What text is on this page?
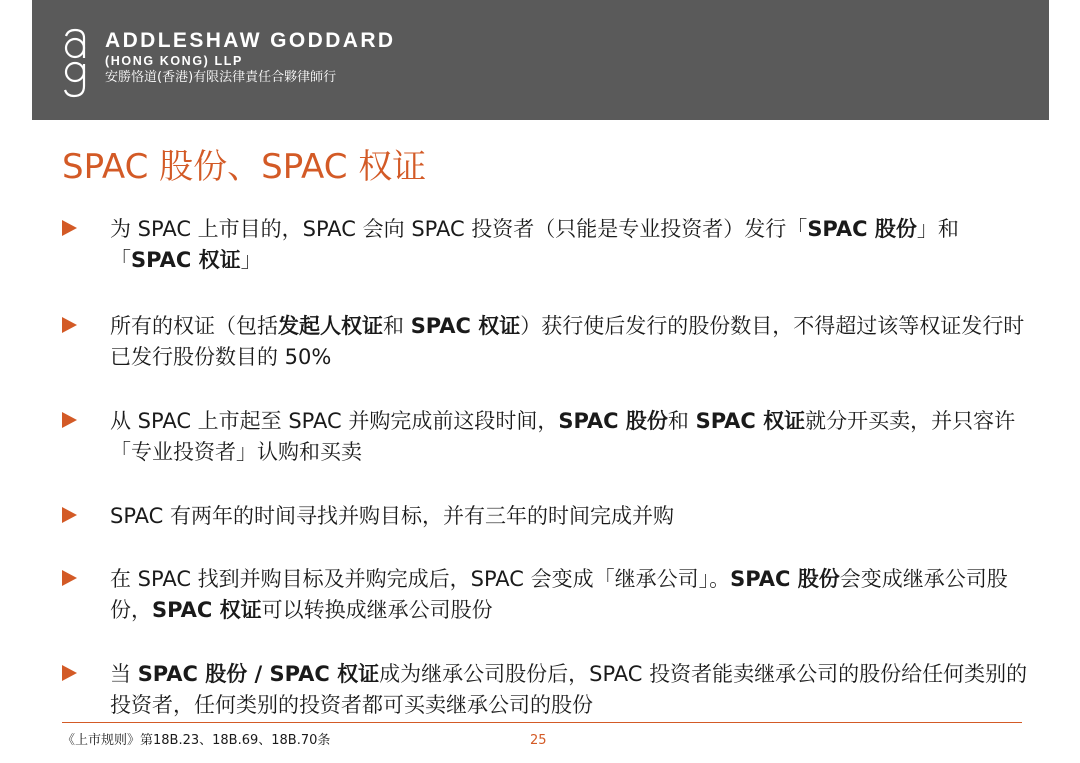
ADDLESHAW GODDARD
(HONG KONG) LLP
安勝恪道(香港)有限法律責任合夥律師行
SPAC 股份、SPAC 权证
为 SPAC 上市目的，SPAC 会向 SPAC 投资者（只能是专业投资者）发行「SPAC 股份」和「SPAC 权证」
所有的权证（包括发起人权证和 SPAC 权证）获行使后发行的股份数目，不得超过该等权证发行时已发行股份数目的 50%
从 SPAC 上市起至 SPAC 并购完成前这段时间，SPAC 股份和 SPAC 权证就分开买卖，并只容许「专业投资者」认购和买卖
SPAC 有两年的时间寻找并购目标，并有三年的时间完成并购
在 SPAC 找到并购目标及并购完成后，SPAC 会变成「继承公司」。SPAC 股份会变成继承公司股份，SPAC 权证可以转换成继承公司股份
当 SPAC 股份 / SPAC 权证成为继承公司股份后，SPAC 投资者能卖继承公司的股份给任何类别的投资者，任何类别的投资者都可买卖继承公司的股份
《上市规则》第18B.23、18B.69、18B.70条	25
